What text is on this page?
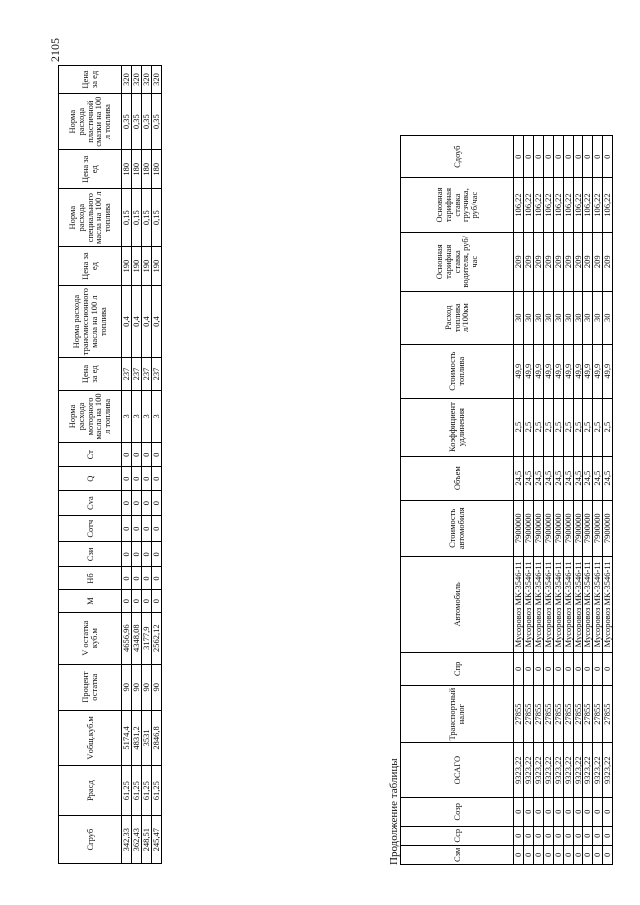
2105
Сгруб	Ррасд	Vобщ.куб.м	Процент остатка	V остатка куб.м	М	Нб	Сзи	Сотч	Сvа	Q	Ст	Норма расхода моторного масла на 100 л топлива	Цена за ед	Норма расхода трансмиссионного масла на 100 л топлива	Цена за ед	Норма расхода специального масла на 100 л топлива	Цена за ед	Норма расхода пластичной смазки на 100 л топлива	Цена за ед
342,33	61,25	5174,4	90	4656,96	0	0	0	0	0	0	0	3	237	0,4	190	0,15	180	0,35	320
362,43	61,25	4831,2	90	4348,08	0	0	0	0	0	0	0	3	237	0,4	190	0,15	180	0,35	320
248,51	61,25	3531	90	3177,9	0	0	0	0	0	0	0	3	237	0,4	190	0,15	180	0,35	320
245,47	61,25	2846,8	90	2562,12	0	0	0	0	0	0	0	3	237	0,4	190	0,15	180	0,35	320
Продолжение таблицы	Сзм	Сср	Созр	ОСАГО	Транспортный налог	Спр	Автомобиль	Стоимость автомобиля	Объем	Коэффициент удлинения	Стоимость топлива	Расход топлива л/100км	Основная тарифная ставка водителя, руб/час	Основная тарифная ставка грузчика, руб/час	Сдоуб
0	0	0	9323,22	27855	0	Мусоровоз МК-3546-11	7900000	24,5	2,5	49,9	30	209	106,22	0
0	0	0	9323,22	27855	0	Мусоровоз МК-3546-11	7900000	24,5	2,5	49,9	30	209	106,22	0
0	0	0	9323,22	27855	0	Мусоровоз МК-3546-11	7900000	24,5	2,5	49,9	30	209	106,22	0
0	0	0	9323,22	27855	0	Мусоровоз МК-3546-11	7900000	24,5	2,5	49,9	30	209	106,22	0
0	0	0	9323,22	27855	0	Мусоровоз МК-3546-11	7900000	24,5	2,5	49,9	30	209	106,22	0
0	0	0	9323,22	27855	0	Мусоровоз МК-3546-11	7900000	24,5	2,5	49,9	30	209	106,22	0
0	0	0	9323,22	27855	0	Мусоровоз МК-3546-11	7900000	24,5	2,5	49,9	30	209	106,22	0
0	0	0	9323,22	27855	0	Мусоровоз МК-3546-11	7900000	24,5	2,5	49,9	30	209	106,22	0
0	0	0	9323,22	27855	0	Мусоровоз МК-3546-11	7900000	24,5	2,5	49,9	30	209	106,22	0
0	0	0	9323,22	27855	0	Мусоровоз МК-3546-11	7900000	24,5	2,5	49,9	30	209	106,22	0
